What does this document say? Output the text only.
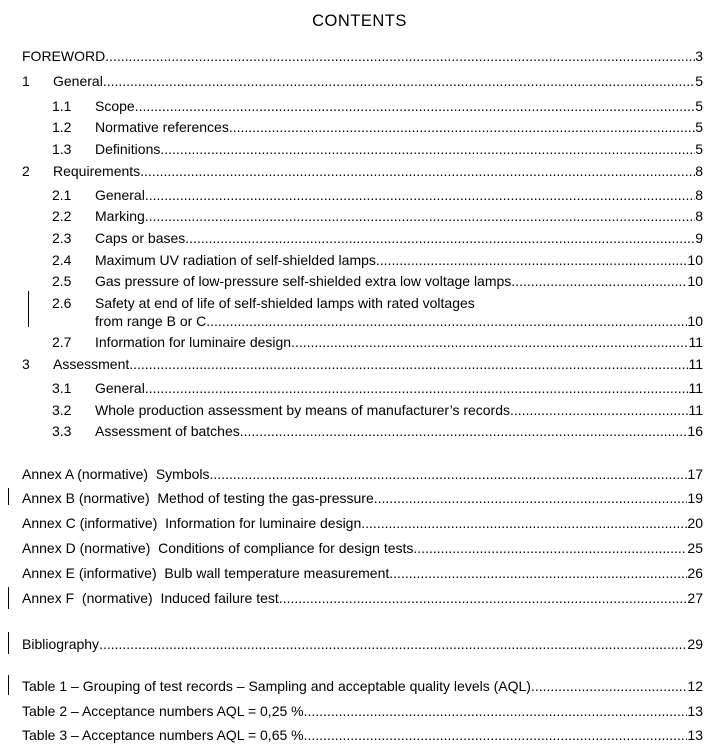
CONTENTS
FOREWORD .....	3
1	General .....	5
1.1	Scope .....	5
1.2	Normative references .....	5
1.3	Definitions .....	5
2	Requirements .....	8
2.1	General .....	8
2.2	Marking .....	8
2.3	Caps or bases .....	9
2.4	Maximum UV radiation of self-shielded lamps .....	10
2.5	Gas pressure of low-pressure self-shielded extra low voltage lamps .....	10
2.6 Safety at end of life of self-shielded lamps with rated voltages
from range B or C .....	10
2.7	Information for luminaire design .....	11
3	Assessment .....	11
3.1	General .....	11
3.2	Whole production assessment by means of manufacturer’s records .....	11
3.3	Assessment of batches .....	16
Annex A (normative)  Symbols .....	17
Annex B (normative)  Method of testing the gas-pressure .....	19
Annex C (informative)  Information for luminaire design .....	20
Annex D (normative)  Conditions of compliance for design tests .....	25
Annex E (informative)  Bulb wall temperature measurement .....	26
Annex F  (normative)  Induced failure test .....	27
Bibliography .....	29
Table 1 – Grouping of test records – Sampling and acceptable quality levels (AQL) .....	12
Table 2 – Acceptance numbers AQL = 0,25 % .....	13
Table 3 – Acceptance numbers AQL = 0,65 % .....	13
